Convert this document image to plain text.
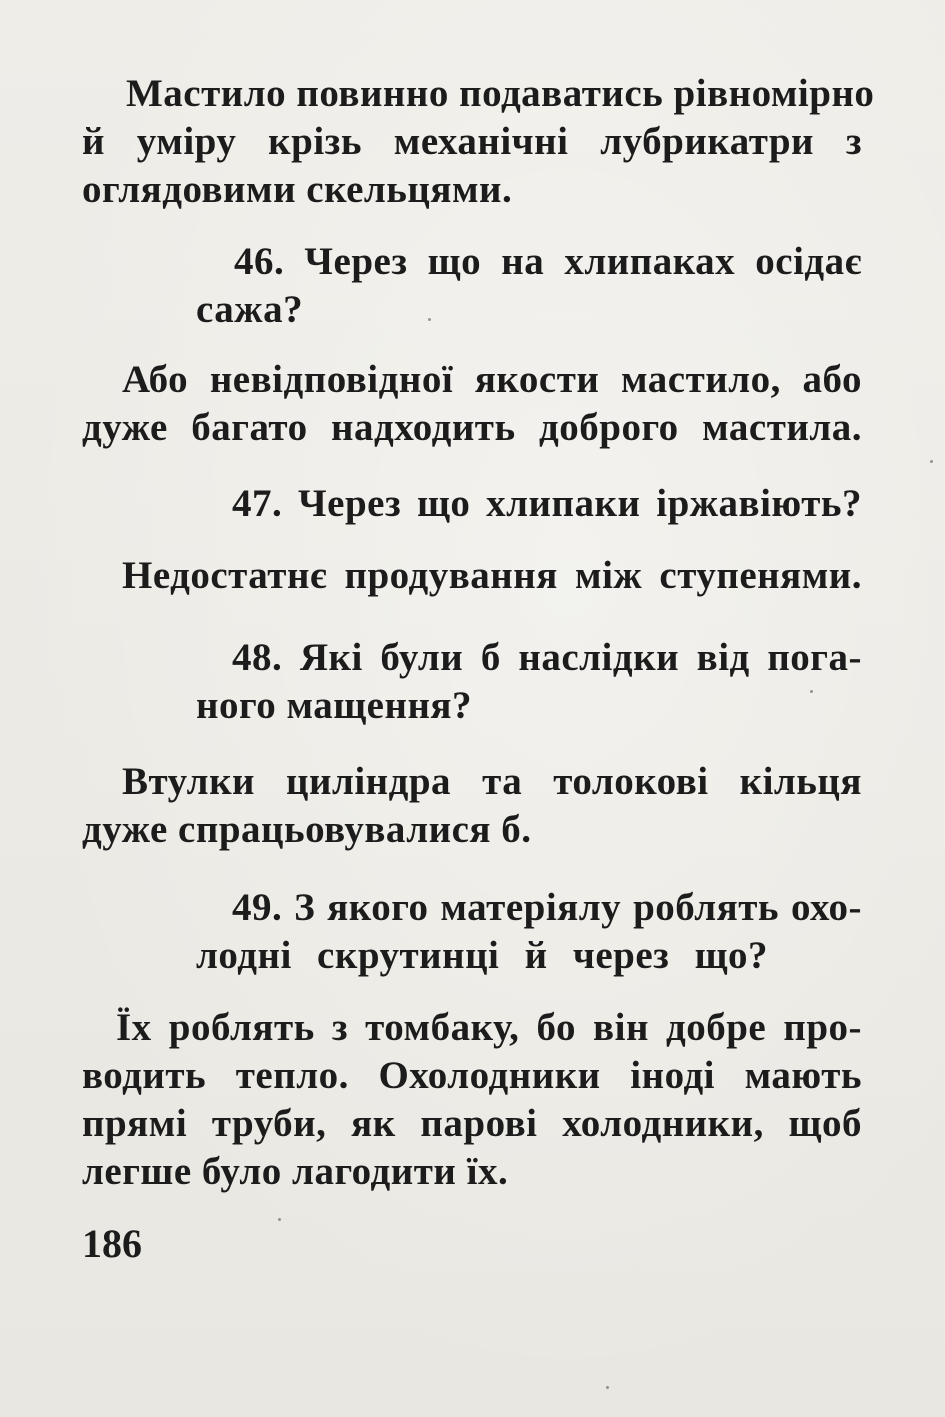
Мастило повинно подаватись рівномірно
й уміру крізь механічні лубрикатри з
оглядовими скельцями.
46. Через що на хлипаках осідає
сажа?
Або невідповідної якости мастило, або
дуже багато надходить доброго мастила.
47. Через що хлипаки іржавіють?
Недостатнє продування між ступенями.
48. Які були б наслідки від пога-
ного мащення?
Втулки циліндра та толокові кільця
дуже спрацьовувалися б.
49. З якого матеріялу роблять охо-
лодні скрутинці й через що?
Їх роблять з томбаку, бо він добре про-
водить тепло. Охолодники іноді мають
прямі труби, як парові холодники, щоб
легше було лагодити їх.
186
